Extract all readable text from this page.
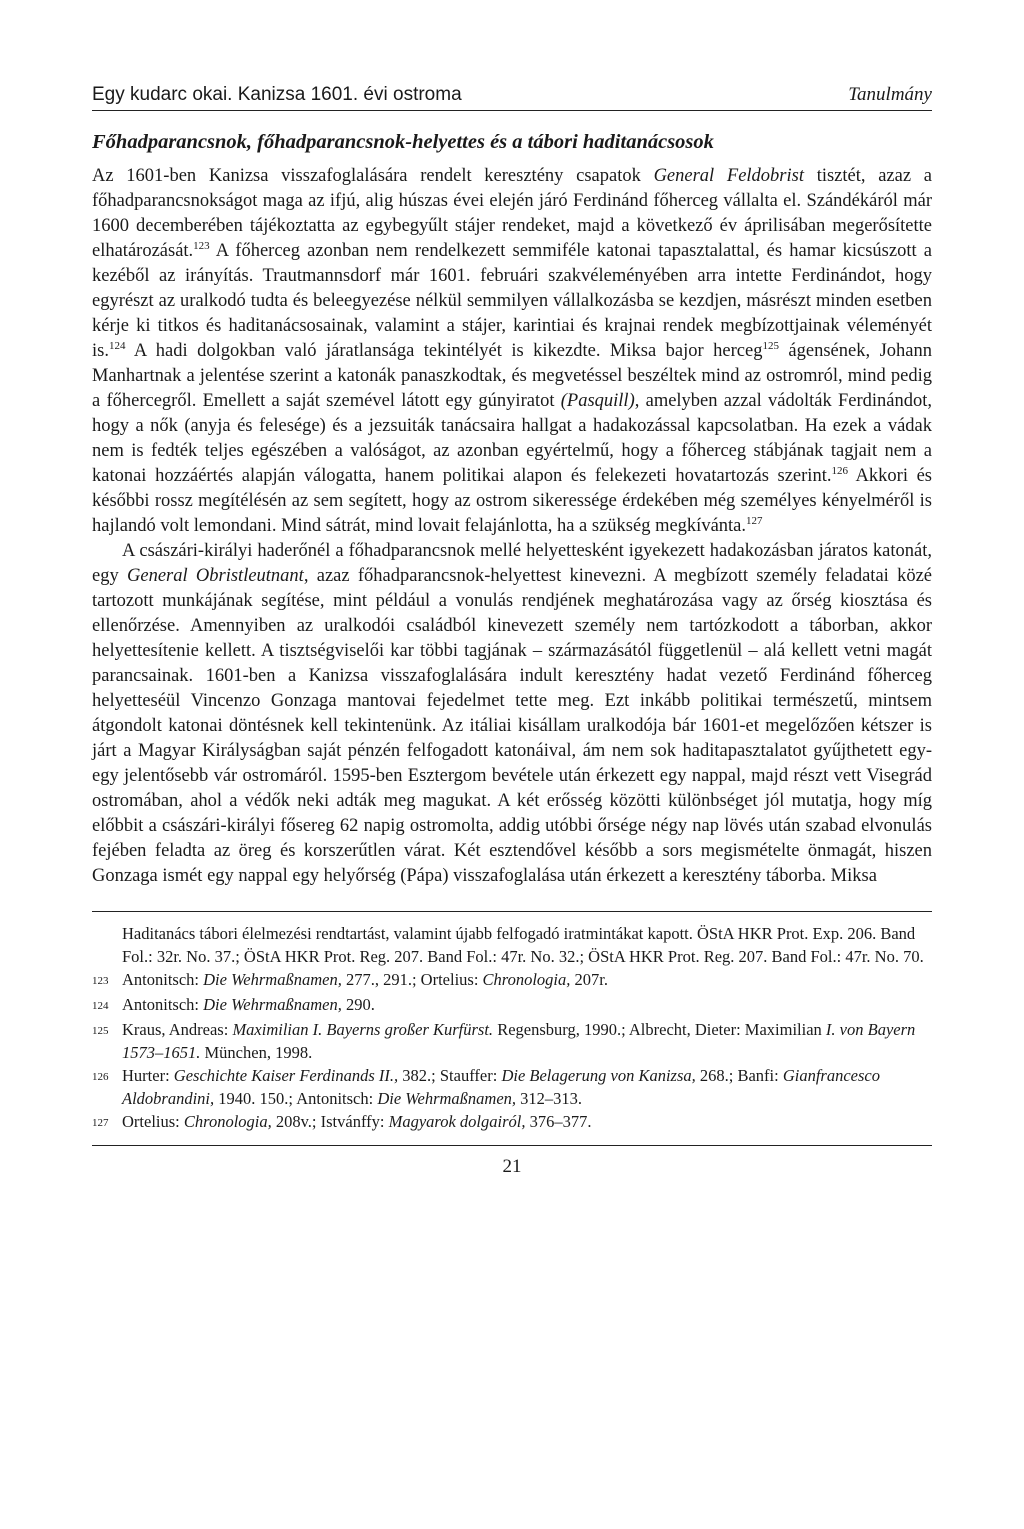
Egy kudarc okai. Kanizsa 1601. évi ostroma	Tanulmány
Főhadparancsnok, főhadparancsnok-helyettes és a tábori haditanácsosok

Az 1601-ben Kanizsa visszafoglalására rendelt keresztény csapatok General Feldobrist tisztét, azaz a főhadparancsnokságot maga az ifjú, alig húszas évei elején járó Ferdinánd főherceg vállalta el. Szándékáról már 1600 decemberében tájékoztatta az egybegyűlt stájer rendeket, majd a következő év áprilisában megerősítette elhatározását.$^{123}$ A főherceg azonban nem rendelkezett semmiféle katonai tapasztalattal, és hamar kicsúszott a kezéből az irányítás. Trautmannsdorf már 1601. februári szakvéleményében arra intette Ferdinándot, hogy egyrészt az uralkodó tudta és beleegyezése nélkül semmilyen vállalkozásba se kezdjen, másrészt minden esetben kérje ki titkos és haditanácsosainak, valamint a stájer, karintiai és krajnai rendek megbízottjainak véleményét is.$^{124}$ A hadi dolgokban való járatlansága tekintélyét is kikezdte. Miksa bajor herceg$^{125}$ ágensének, Johann Manhartnak a jelentése szerint a katonák panaszkodtak, és megvetéssel beszéltek mind az ostromról, mind pedig a főhercegről. Emellett a saját szemével látott egy gúnyiratot (Pasquill), amelyben azzal vádolták Ferdinándot, hogy a nők (anyja és felesége) és a jezsuiták tanácsaira hallgat a hadakozással kapcsolatban. Ha ezek a vádak nem is fedték teljes egészében a valóságot, az azonban egyértelmű, hogy a főherceg stábjának tagjait nem a katonai hozzáértés alapján válogatta, hanem politikai alapon és felekezeti hovatartozás szerint.$^{126}$ Akkori és későbbi rossz megítélésén az sem segített, hogy az ostrom sikeressége érdekében még személyes kényelméről is hajlandó volt lemondani. Mind sátrát, mind lovait felajánlotta, ha a szükség megkívánta.$^{127}$

A császári-királyi haderőnél a főhadparancsnok mellé helyettesként igyekezett hadakozásban járatos katonát, egy General Obristleutnant, azaz főhadparancsnok-helyettest kinevezni. A megbízott személy feladatai közé tartozott munkájának segítése, mint például a vonulás rendjének meghatározása vagy az őrség kiosztása és ellenőrzése. Amennyiben az uralkodói családból kinevezett személy nem tartózkodott a táborban, akkor helyettesítenie kellett. A tisztségviselői kar többi tagjának – származásától függetlenül – alá kellett vetni magát parancsainak. 1601-ben a Kanizsa visszafoglalására indult keresztény hadat vezető Ferdinánd főherceg helyetteséül Vincenzo Gonzaga mantovai fejedelmet tette meg. Ezt inkább politikai természetű, mintsem átgondolt katonai döntésnek kell tekintenünk. Az itáliai kisállam uralkodója bár 1601-et megelőzően kétszer is járt a Magyar Királyságban saját pénzén felfogadott katonáival, ám nem sok haditapasztalatot gyűjthetett egy-egy jelentősebb vár ostromáról. 1595-ben Esztergom bevétele után érkezett egy nappal, majd részt vett Visegrád ostromában, ahol a védők neki adták meg magukat. A két erősség közötti különbséget jól mutatja, hogy míg előbbit a császári-királyi fősereg 62 napig ostromolta, addig utóbbi őrsége négy nap lövés után szabad elvonulás fejében feladta az öreg és korszerűtlen várat. Két esztendővel később a sors megismételte önmagát, hiszen Gonzaga ismét egy nappal egy helyőrség (Pápa) visszafoglalása után érkezett a keresztény táborba. Miksa

Haditanács tábori élelmezési rendtartást, valamint újabb felfogadó iratmintákat kapott. ÖStA HKR Prot. Exp. 206. Band Fol.: 32r. No. 37.; ÖStA HKR Prot. Reg. 207. Band Fol.: 47r. No. 32.; ÖStA HKR Prot. Reg. 207. Band Fol.: 47r. No. 70.
123 Antonitsch: Die Wehrmaßnamen, 277., 291.; Ortelius: Chronologia, 207r.
124 Antonitsch: Die Wehrmaßnamen, 290.
125 Kraus, Andreas: Maximilian I. Bayerns großer Kurfürst. Regensburg, 1990.; Albrecht, Dieter: Maximilian I. von Bayern 1573–1651. München, 1998.
126 Hurter: Geschichte Kaiser Ferdinands II., 382.; Stauffer: Die Belagerung von Kanizsa, 268.; Banfi: Gianfrancesco Aldobrandini, 1940. 150.; Antonitsch: Die Wehrmaßnamen, 312–313.
127 Ortelius: Chronologia, 208v.; Istvánffy: Magyarok dolgairól, 376–377.
21
